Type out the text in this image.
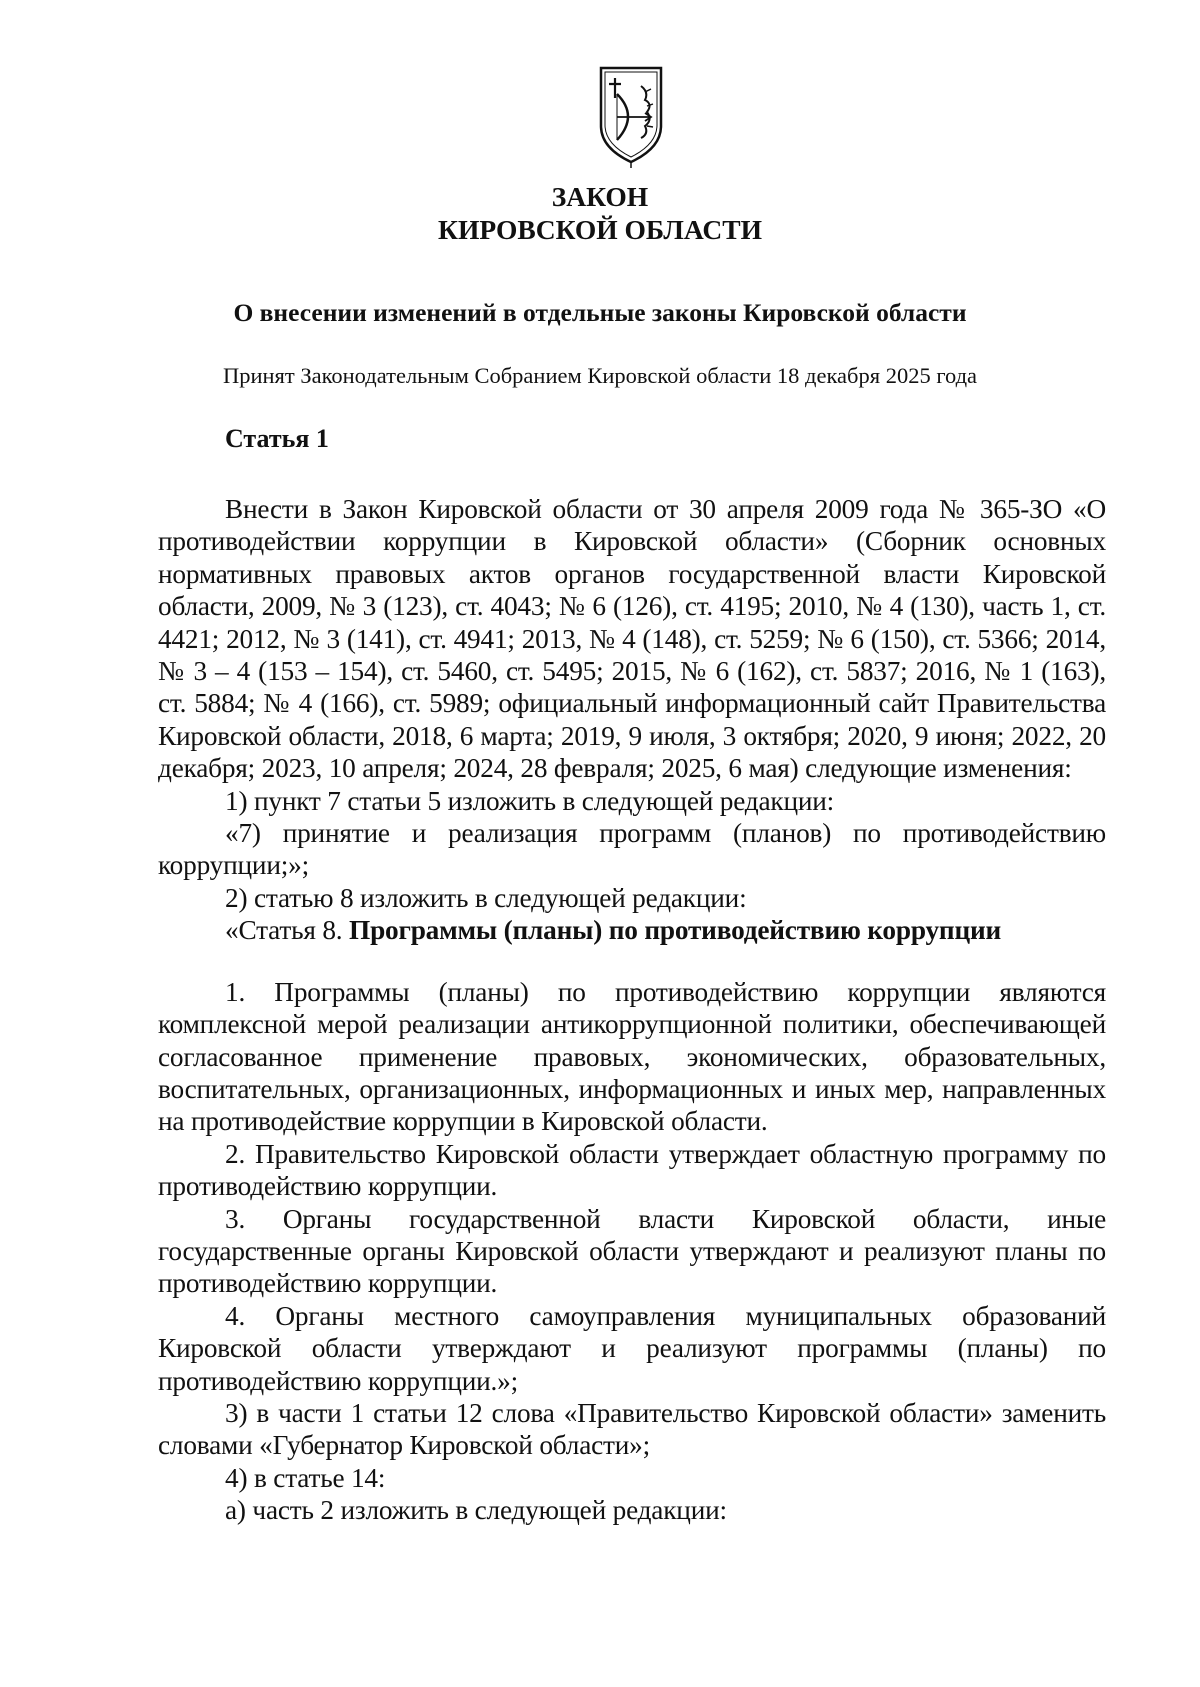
ЗАКОН
КИРОВСКОЙ ОБЛАСТИ
О внесении изменений в отдельные законы Кировской области
Принят Законодательным Собранием Кировской области 18 декабря 2025 года
Статья 1

Внести в Закон Кировской области от 30 апреля 2009 года № 365-ЗО «О противодействии коррупции в Кировской области» (Сборник основных нормативных правовых актов органов государственной власти Кировской области, 2009, № 3 (123), ст. 4043; № 6 (126), ст. 4195; 2010, № 4 (130), часть 1, ст. 4421; 2012, № 3 (141), ст. 4941; 2013, № 4 (148), ст. 5259; № 6 (150), ст. 5366; 2014, № 3 – 4 (153 – 154), ст. 5460, ст. 5495; 2015, № 6 (162), ст. 5837; 2016, № 1 (163), ст. 5884; № 4 (166), ст. 5989; официальный информационный сайт Правительства Кировской области, 2018, 6 марта; 2019, 9 июля, 3 октября; 2020, 9 июня; 2022, 20 декабря; 2023, 10 апреля; 2024, 28 февраля; 2025, 6 мая) следующие изменения:

1) пункт 7 статьи 5 изложить в следующей редакции:

«7) принятие и реализация программ (планов) по противодействию коррупции;»;

2) статью 8 изложить в следующей редакции:

«Статья 8. Программы (планы) по противодействию коррупции

1. Программы (планы) по противодействию коррупции являются комплексной мерой реализации антикоррупционной политики, обеспечивающей согласованное применение правовых, экономических, образовательных, воспитательных, организационных, информационных и иных мер, направленных на противодействие коррупции в Кировской области.

2. Правительство Кировской области утверждает областную программу по противодействию коррупции.

3. Органы государственной власти Кировской области, иные государственные органы Кировской области утверждают и реализуют планы по противодействию коррупции.

4. Органы местного самоуправления муниципальных образований Кировской области утверждают и реализуют программы (планы) по противодействию коррупции.»;

3) в части 1 статьи 12 слова «Правительство Кировской области» заменить словами «Губернатор Кировской области»;

4) в статье 14:

а) часть 2 изложить в следующей редакции:
